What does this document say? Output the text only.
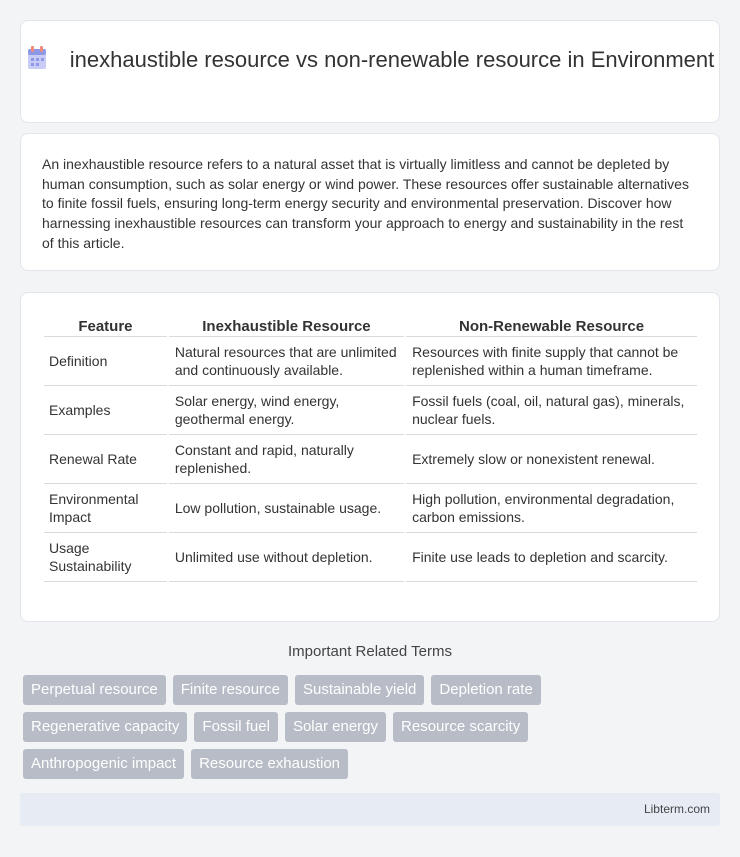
inexhaustible resource vs non-renewable resource in Environment

An inexhaustible resource refers to a natural asset that is virtually limitless and cannot be depleted by human consumption, such as solar energy or wind power. These resources offer sustainable alternatives to finite fossil fuels, ensuring long-term energy security and environmental preservation. Discover how harnessing inexhaustible resources can transform your approach to energy and sustainability in the rest of this article.

Feature	Inexhaustible Resource	Non-Renewable Resource
Definition	Natural resources that are unlimited and continuously available.	Resources with finite supply that cannot be replenished within a human timeframe.
Examples	Solar energy, wind energy, geothermal energy.	Fossil fuels (coal, oil, natural gas), minerals, nuclear fuels.
Renewal Rate	Constant and rapid, naturally replenished.	Extremely slow or nonexistent renewal.
Environmental Impact	Low pollution, sustainable usage.	High pollution, environmental degradation, carbon emissions.
Usage Sustainability	Unlimited use without depletion.	Finite use leads to depletion and scarcity.
Important Related Terms
Perpetual resource	Finite resource	Sustainable yield	Depletion rate
Regenerative capacity	Fossil fuel	Solar energy	Resource scarcity
Anthropogenic impact	Resource exhaustion
Libterm.com
